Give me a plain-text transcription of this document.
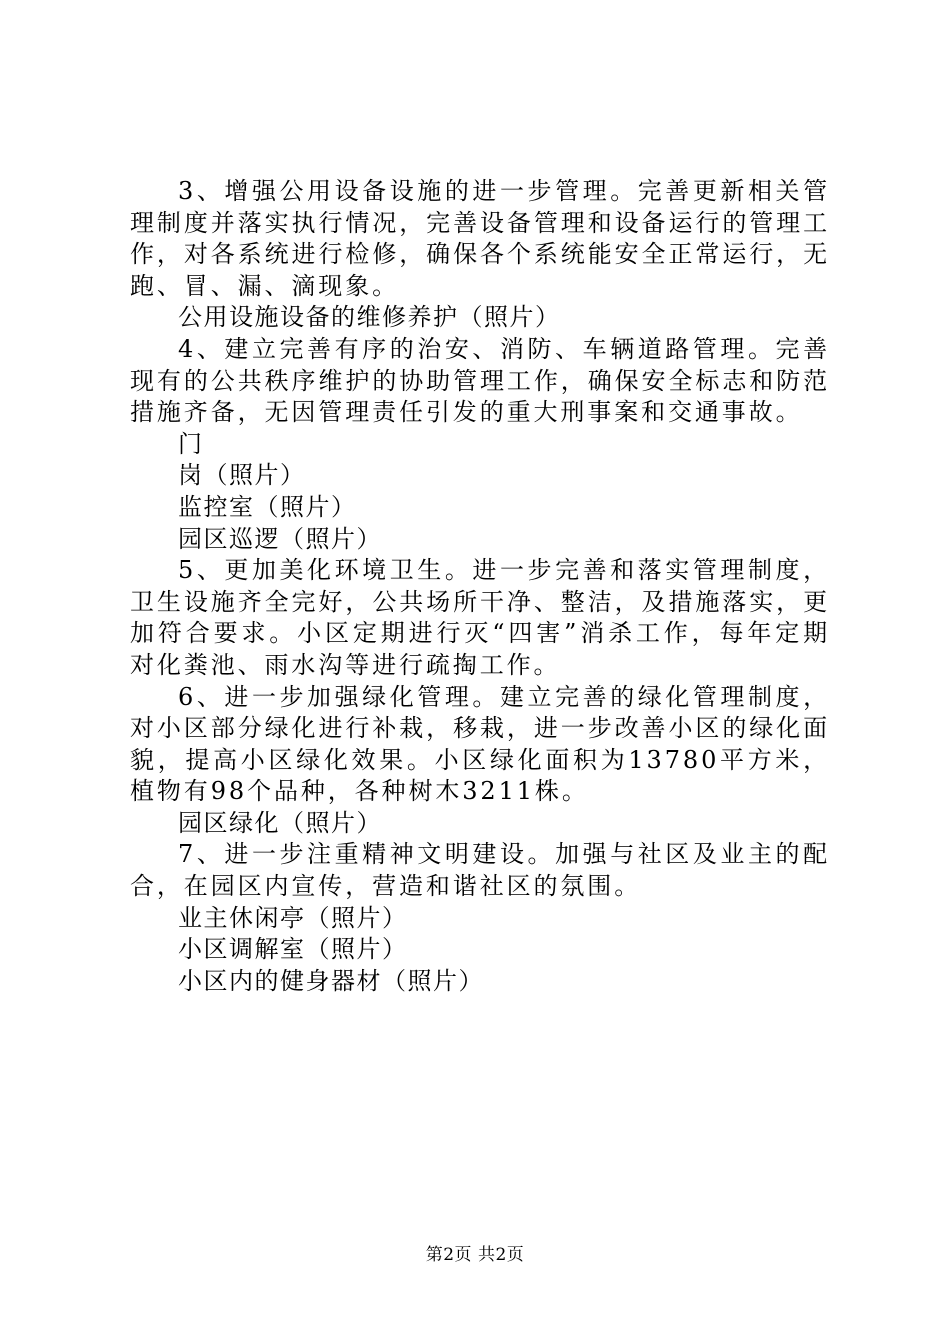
3、增强公用设备设施的进一步管理。完善更新相关管理制度并落实执行情况，完善设备管理和设备运行的管理工作，对各系统进行检修，确保各个系统能安全正常运行，无跑、冒、漏、滴现象。

公用设施设备的维修养护（照片）

4、建立完善有序的治安、消防、车辆道路管理。完善现有的公共秩序维护的协助管理工作，确保安全标志和防范措施齐备，无因管理责任引发的重大刑事案和交通事故。

门

岗（照片）

监控室（照片）

园区巡逻（照片）

5、更加美化环境卫生。进一步完善和落实管理制度，卫生设施齐全完好，公共场所干净、整洁，及措施落实，更加符合要求。小区定期进行灭“四害”消杀工作，每年定期对化粪池、雨水沟等进行疏掏工作。

6、进一步加强绿化管理。建立完善的绿化管理制度，对小区部分绿化进行补栽，移栽，进一步改善小区的绿化面貌，提高小区绿化效果。小区绿化面积为13780平方米，植物有98个品种，各种树木3211株。

园区绿化（照片）

7、进一步注重精神文明建设。加强与社区及业主的配合，在园区内宣传，营造和谐社区的氛围。

业主休闲亭（照片）

小区调解室（照片）

小区内的健身器材（照片）

第2页 共2页
